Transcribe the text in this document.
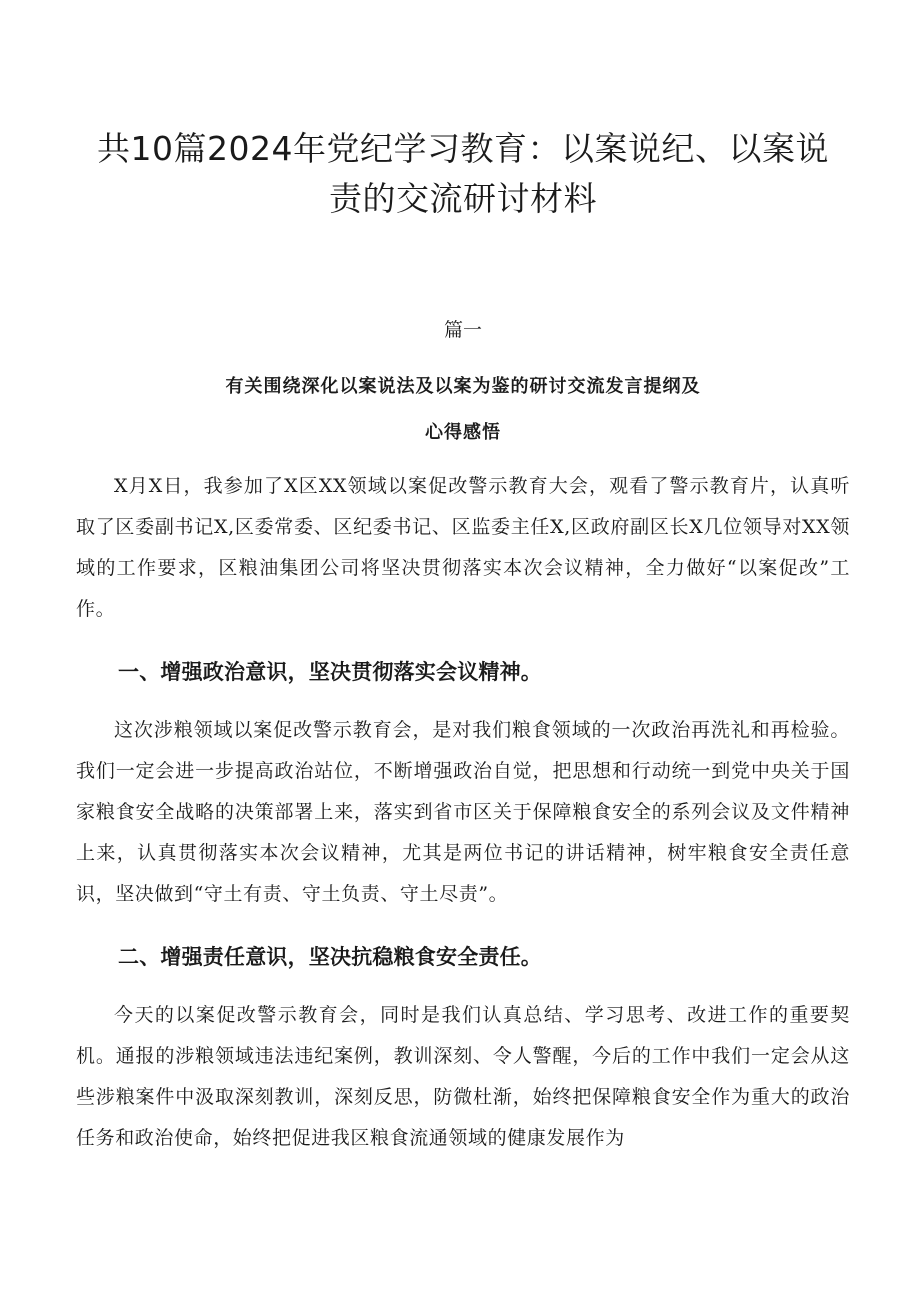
共10篇2024年党纪学习教育：以案说纪、以案说
责的交流研讨材料

篇一

有关围绕深化以案说法及以案为鉴的研讨交流发言提纲及
心得感悟

X月X日，我参加了X区XX领域以案促改警示教育大会，观看了警示教育片，认真听取了区委副书记X,区委常委、区纪委书记、区监委主任X,区政府副区长X几位领导对XX领域的工作要求，区粮油集团公司将坚决贯彻落实本次会议精神，全力做好“以案促改”工作。

一、增强政治意识，坚决贯彻落实会议精神。

这次涉粮领域以案促改警示教育会，是对我们粮食领域的一次政治再洗礼和再检验。我们一定会进一步提高政治站位，不断增强政治自觉，把思想和行动统一到党中央关于国家粮食安全战略的决策部署上来，落实到省市区关于保障粮食安全的系列会议及文件精神上来，认真贯彻落实本次会议精神，尤其是两位书记的讲话精神，树牢粮食安全责任意识，坚决做到“守土有责、守土负责、守土尽责”。

二、增强责任意识，坚决抗稳粮食安全责任。

今天的以案促改警示教育会，同时是我们认真总结、学习思考、改进工作的重要契机。通报的涉粮领域违法违纪案例，教训深刻、令人警醒，今后的工作中我们一定会从这些涉粮案件中汲取深刻教训，深刻反思，防微杜渐，始终把保障粮食安全作为重大的政治任务和政治使命，始终把促进我区粮食流通领域的健康发展作为
